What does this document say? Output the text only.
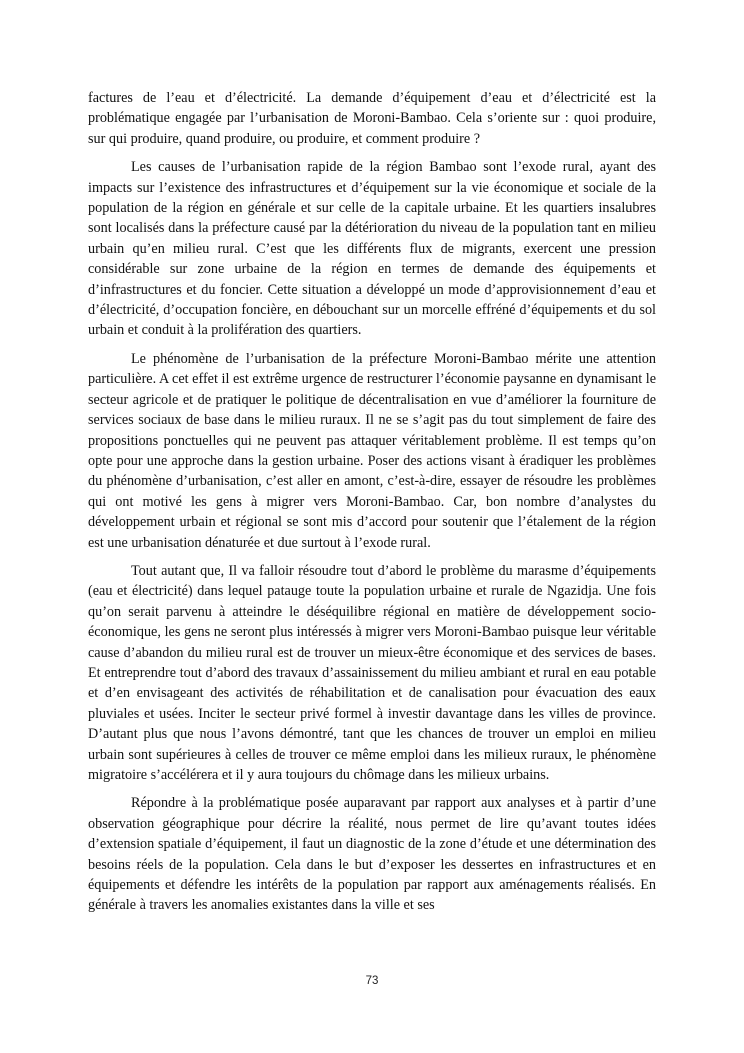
factures de l’eau et d’électricité. La demande d’équipement d’eau et d’électricité est la problématique engagée par l’urbanisation de Moroni-Bambao. Cela s’oriente sur : quoi produire, sur qui produire, quand produire, ou produire, et comment produire ?

Les causes de l’urbanisation rapide de la région Bambao sont l’exode rural, ayant des impacts sur l’existence des infrastructures et d’équipement sur la vie économique et sociale de la population de la région en générale et sur celle de la capitale urbaine. Et les quartiers insalubres sont localisés dans la préfecture causé par la détérioration du niveau de la population tant en milieu urbain qu’en milieu rural. C’est que les différents flux de migrants, exercent une pression considérable sur zone urbaine de la région en termes de demande des équipements et d’infrastructures et du foncier. Cette situation a développé un mode d’approvisionnement d’eau et d’électricité, d’occupation foncière, en débouchant sur un morcelle effréné d’équipements et du sol urbain et conduit à la prolifération des quartiers.

Le phénomène de l’urbanisation de la préfecture Moroni-Bambao mérite une attention particulière. A cet effet il est extrême urgence de restructurer l’économie paysanne en dynamisant le secteur agricole et de pratiquer le politique de décentralisation en vue d’améliorer la fourniture de services sociaux de base dans le milieu ruraux. Il ne se s’agit pas du tout simplement de faire des propositions ponctuelles qui ne peuvent pas attaquer véritablement problème. Il est temps qu’on opte pour une approche dans la gestion urbaine. Poser des actions visant à éradiquer les problèmes du phénomène d’urbanisation, c’est aller en amont, c’est-à-dire, essayer de résoudre les problèmes qui ont motivé les gens à migrer vers Moroni-Bambao. Car, bon nombre d’analystes du développement urbain et régional se sont mis d’accord pour soutenir que l’étalement de la région est une urbanisation dénaturée et due surtout à l’exode rural.

Tout autant que, Il va falloir résoudre tout d’abord le problème du marasme d’équipements (eau et électricité) dans lequel patauge toute la population urbaine et rurale de Ngazidja. Une fois qu’on serait parvenu à atteindre le déséquilibre régional en matière de développement socio-économique, les gens ne seront plus intéressés à migrer vers Moroni-Bambao puisque leur véritable cause d’abandon du milieu rural est de trouver un mieux-être économique et des services de bases. Et entreprendre tout d’abord des travaux d’assainissement du milieu ambiant et rural en eau potable et d’en envisageant des activités de réhabilitation et de canalisation pour évacuation des eaux pluviales et usées. Inciter le secteur privé formel à investir davantage dans les villes de province. D’autant plus que nous l’avons démontré, tant que les chances de trouver un emploi en milieu urbain sont supérieures à celles de trouver ce même emploi dans les milieux ruraux, le phénomène migratoire s’accélérera et il y aura toujours du chômage dans les milieux urbains.

Répondre à la problématique posée auparavant par rapport aux analyses et à partir d’une observation géographique pour décrire la réalité, nous permet de lire qu’avant toutes idées d’extension spatiale d’équipement, il faut un diagnostic de la zone d’étude et une détermination des besoins réels de la population. Cela dans le but d’exposer les dessertes en infrastructures et en équipements et défendre les intérêts de la population par rapport aux aménagements réalisés. En générale à travers les anomalies existantes dans la ville et ses

73
